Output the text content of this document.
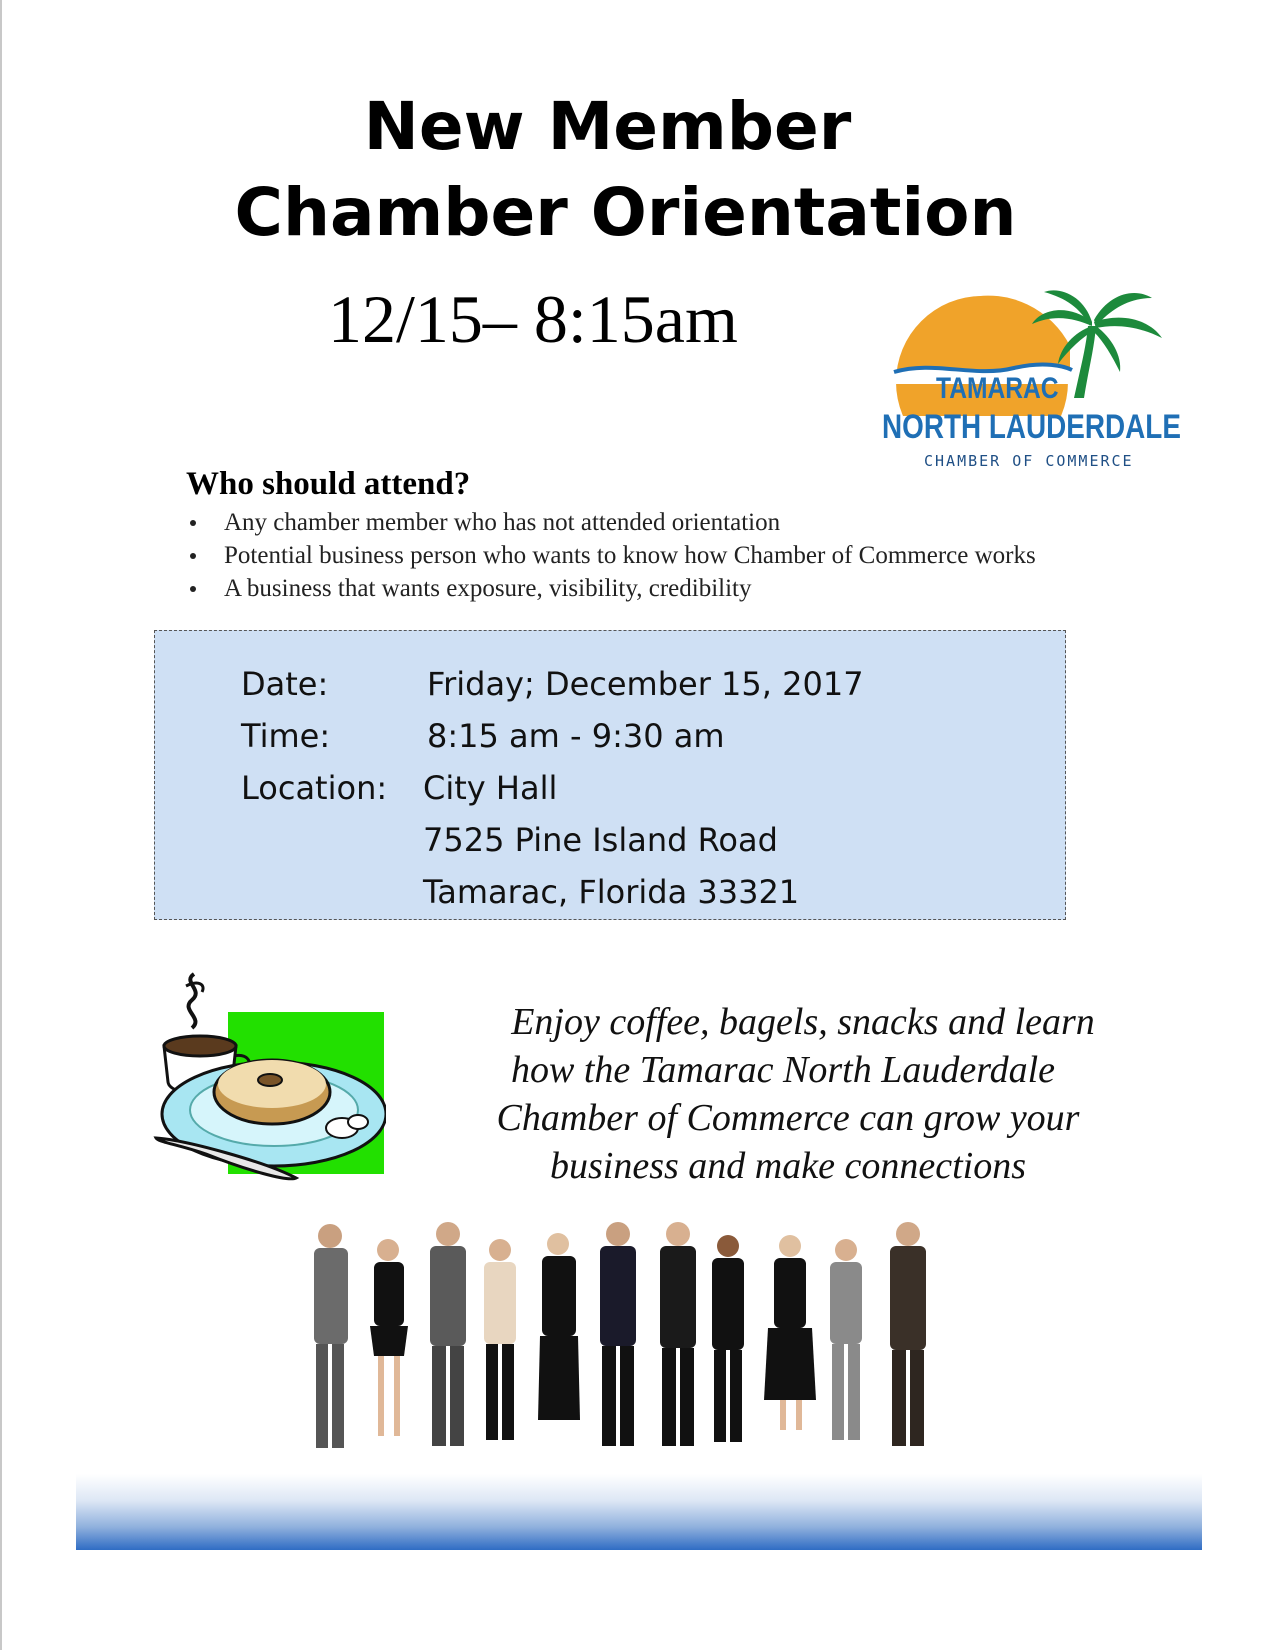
New Member
Chamber Orientation
12/15– 8:15am
TAMARAC
NORTH LAUDERDALE
CHAMBER OF COMMERCE
Who should attend?
Any chamber member who has not attended orientation
Potential business person who wants to know how Chamber of Commerce works
A business that wants exposure, visibility, credibility
Date:	Friday; December 15, 2017
Time:	8:15 am - 9:30 am
Location: City Hall
7525 Pine Island Road
Tamarac, Florida 33321
Enjoy coffee, bagels, snacks and learn
how the Tamarac North Lauderdale
Chamber of Commerce can grow your
business and make connections
